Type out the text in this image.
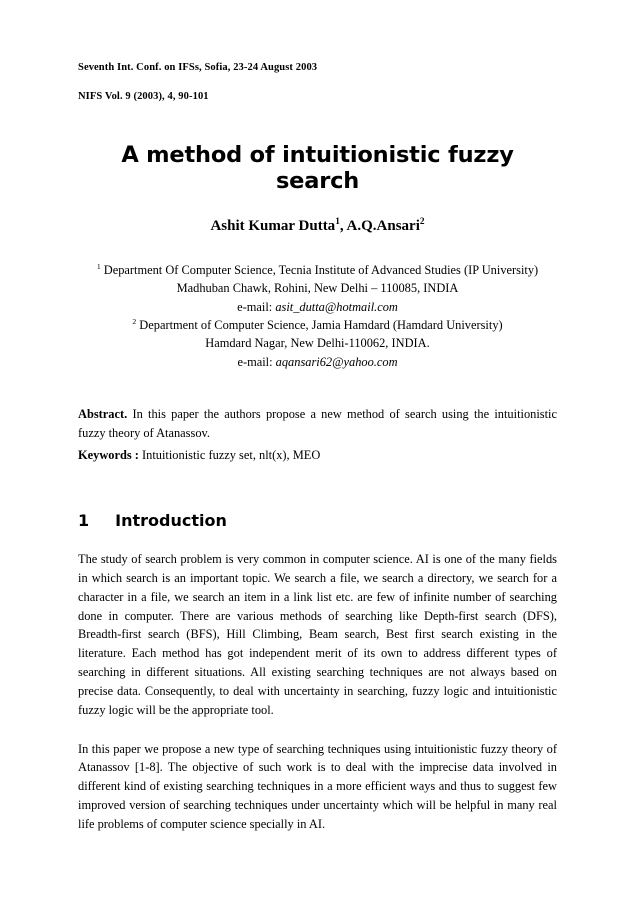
Seventh Int. Conf. on IFSs, Sofia, 23-24 August 2003
NIFS Vol. 9 (2003), 4, 90-101
A method of intuitionistic fuzzy search
Ashit Kumar Dutta$^1$, A.Q.Ansari$^2$
$^1$ Department Of Computer Science, Tecnia Institute of Advanced Studies (IP University)
Madhuban Chawk, Rohini, New Delhi – 110085, INDIA
e-mail: asit_dutta@hotmail.com
$^2$ Department of Computer Science, Jamia Hamdard (Hamdard University)
Hamdard Nagar, New Delhi-110062, INDIA.
e-mail: aqansari62@yahoo.com

Abstract. In this paper the authors propose a new method of search using the intuitionistic fuzzy theory of Atanassov.

Keywords : Intuitionistic fuzzy set, nlt(x), MEO

1 Introduction

The study of search problem is very common in computer science. AI is one of the many fields in which search is an important topic. We search a file, we search a directory, we search for a character in a file, we search an item in a link list etc. are few of infinite number of searching done in computer. There are various methods of searching like Depth-first search (DFS), Breadth-first search (BFS), Hill Climbing, Beam search, Best first search existing in the literature. Each method has got independent merit of its own to address different types of searching in different situations. All existing searching techniques are not always based on precise data. Consequently, to deal with uncertainty in searching, fuzzy logic and intuitionistic fuzzy logic will be the appropriate tool.

In this paper we propose a new type of searching techniques using intuitionistic fuzzy theory of Atanassov [1-8]. The objective of such work is to deal with the imprecise data involved in different kind of existing searching techniques in a more efficient ways and thus to suggest few improved version of searching techniques under uncertainty which will be helpful in many real life problems of computer science specially in AI.
